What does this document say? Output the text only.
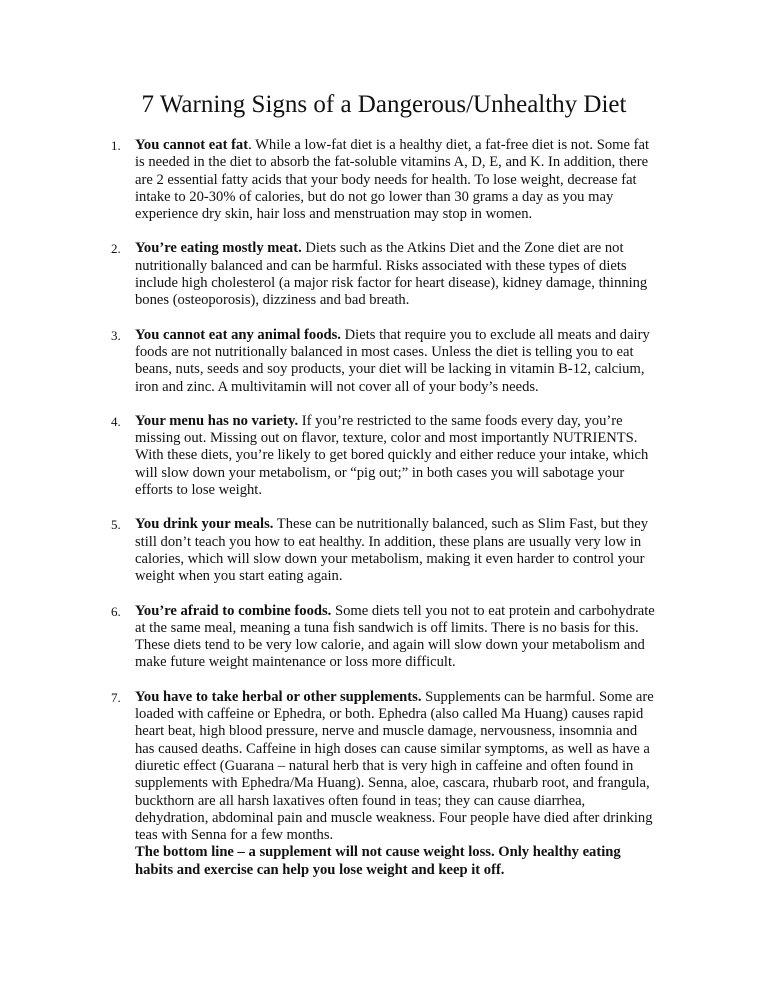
7 Warning Signs of a Dangerous/Unhealthy Diet
1. You cannot eat fat. While a low-fat diet is a healthy diet, a fat-free diet is not. Some fat is needed in the diet to absorb the fat-soluble vitamins A, D, E, and K. In addition, there are 2 essential fatty acids that your body needs for health. To lose weight, decrease fat intake to 20-30% of calories, but do not go lower than 30 grams a day as you may experience dry skin, hair loss and menstruation may stop in women.
2. You’re eating mostly meat. Diets such as the Atkins Diet and the Zone diet are not nutritionally balanced and can be harmful. Risks associated with these types of diets include high cholesterol (a major risk factor for heart disease), kidney damage, thinning bones (osteoporosis), dizziness and bad breath.
3. You cannot eat any animal foods. Diets that require you to exclude all meats and dairy foods are not nutritionally balanced in most cases. Unless the diet is telling you to eat beans, nuts, seeds and soy products, your diet will be lacking in vitamin B-12, calcium, iron and zinc. A multivitamin will not cover all of your body’s needs.
4. Your menu has no variety. If you’re restricted to the same foods every day, you’re missing out. Missing out on flavor, texture, color and most importantly NUTRIENTS. With these diets, you’re likely to get bored quickly and either reduce your intake, which will slow down your metabolism, or “pig out;” in both cases you will sabotage your efforts to lose weight.
5. You drink your meals. These can be nutritionally balanced, such as Slim Fast, but they still don’t teach you how to eat healthy. In addition, these plans are usually very low in calories, which will slow down your metabolism, making it even harder to control your weight when you start eating again.
6. You’re afraid to combine foods. Some diets tell you not to eat protein and carbohydrate at the same meal, meaning a tuna fish sandwich is off limits. There is no basis for this. These diets tend to be very low calorie, and again will slow down your metabolism and make future weight maintenance or loss more difficult.
7. You have to take herbal or other supplements. Supplements can be harmful. Some are loaded with caffeine or Ephedra, or both. Ephedra (also called Ma Huang) causes rapid heart beat, high blood pressure, nerve and muscle damage, nervousness, insomnia and has caused deaths. Caffeine in high doses can cause similar symptoms, as well as have a diuretic effect (Guarana – natural herb that is very high in caffeine and often found in supplements with Ephedra/Ma Huang). Senna, aloe, cascara, rhubarb root, and frangula, buckthorn are all harsh laxatives often found in teas; they can cause diarrhea, dehydration, abdominal pain and muscle weakness. Four people have died after drinking teas with Senna for a few months.
The bottom line – a supplement will not cause weight loss. Only healthy eating habits and exercise can help you lose weight and keep it off.
